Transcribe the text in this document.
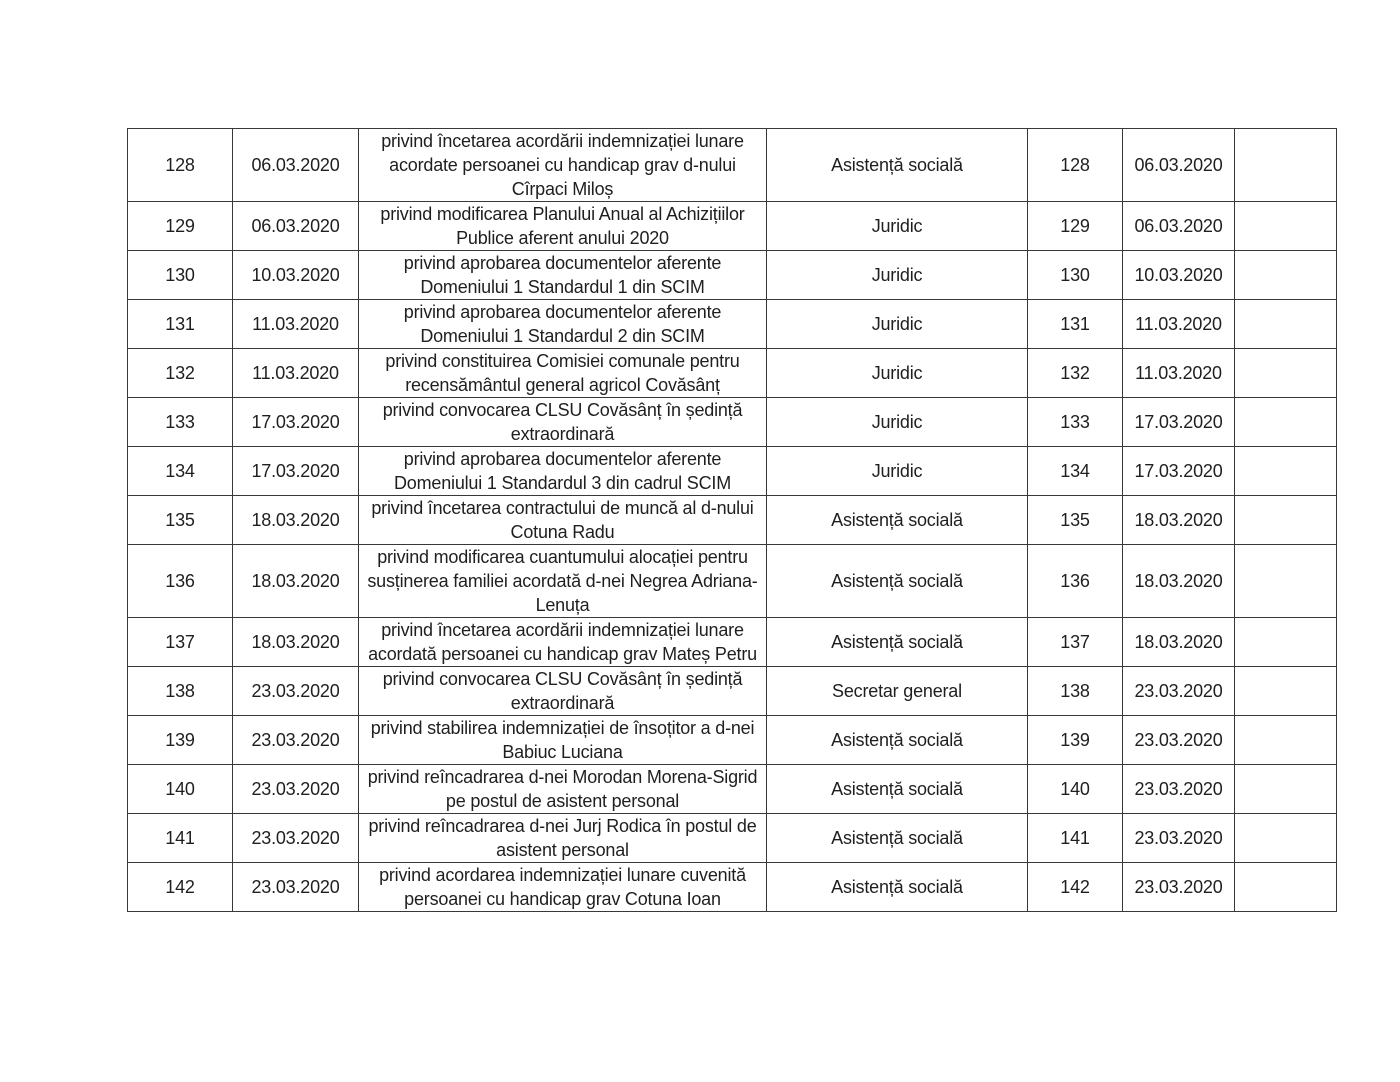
128	06.03.2020	privind încetarea acordării indemnizației lunare acordate persoanei cu handicap grav d-nului Cîrpaci Miloș	Asistență socială	128	06.03.2020	
129	06.03.2020	privind modificarea Planului Anual al Achizițiilor Publice aferent anului 2020	Juridic	129	06.03.2020	
130	10.03.2020	privind aprobarea documentelor aferente Domeniului 1 Standardul 1 din SCIM	Juridic	130	10.03.2020	
131	11.03.2020	privind aprobarea documentelor aferente Domeniului 1 Standardul 2 din SCIM	Juridic	131	11.03.2020	
132	11.03.2020	privind constituirea Comisiei comunale pentru recensământul general agricol Covăsânț	Juridic	132	11.03.2020	
133	17.03.2020	privind convocarea CLSU Covăsânț în ședință extraordinară	Juridic	133	17.03.2020	
134	17.03.2020	privind aprobarea documentelor aferente Domeniului 1 Standardul 3 din cadrul SCIM	Juridic	134	17.03.2020	
135	18.03.2020	privind încetarea contractului de muncă al d-nului Cotuna Radu	Asistență socială	135	18.03.2020	
136	18.03.2020	privind modificarea cuantumului alocației pentru susținerea familiei acordată d-nei Negrea Adriana-Lenuța	Asistență socială	136	18.03.2020	
137	18.03.2020	privind încetarea acordării indemnizației lunare acordată persoanei cu handicap grav Mateș Petru	Asistență socială	137	18.03.2020	
138	23.03.2020	privind convocarea CLSU Covăsânț în ședință extraordinară	Secretar general	138	23.03.2020	
139	23.03.2020	privind stabilirea indemnizației de însoțitor a d-nei Babiuc Luciana	Asistență socială	139	23.03.2020	
140	23.03.2020	privind reîncadrarea d-nei Morodan Morena-Sigrid pe postul de asistent personal	Asistență socială	140	23.03.2020	
141	23.03.2020	privind reîncadrarea d-nei Jurj Rodica în postul de asistent personal	Asistență socială	141	23.03.2020	
142	23.03.2020	privind acordarea indemnizației lunare cuvenită persoanei cu handicap grav Cotuna Ioan	Asistență socială	142	23.03.2020	
